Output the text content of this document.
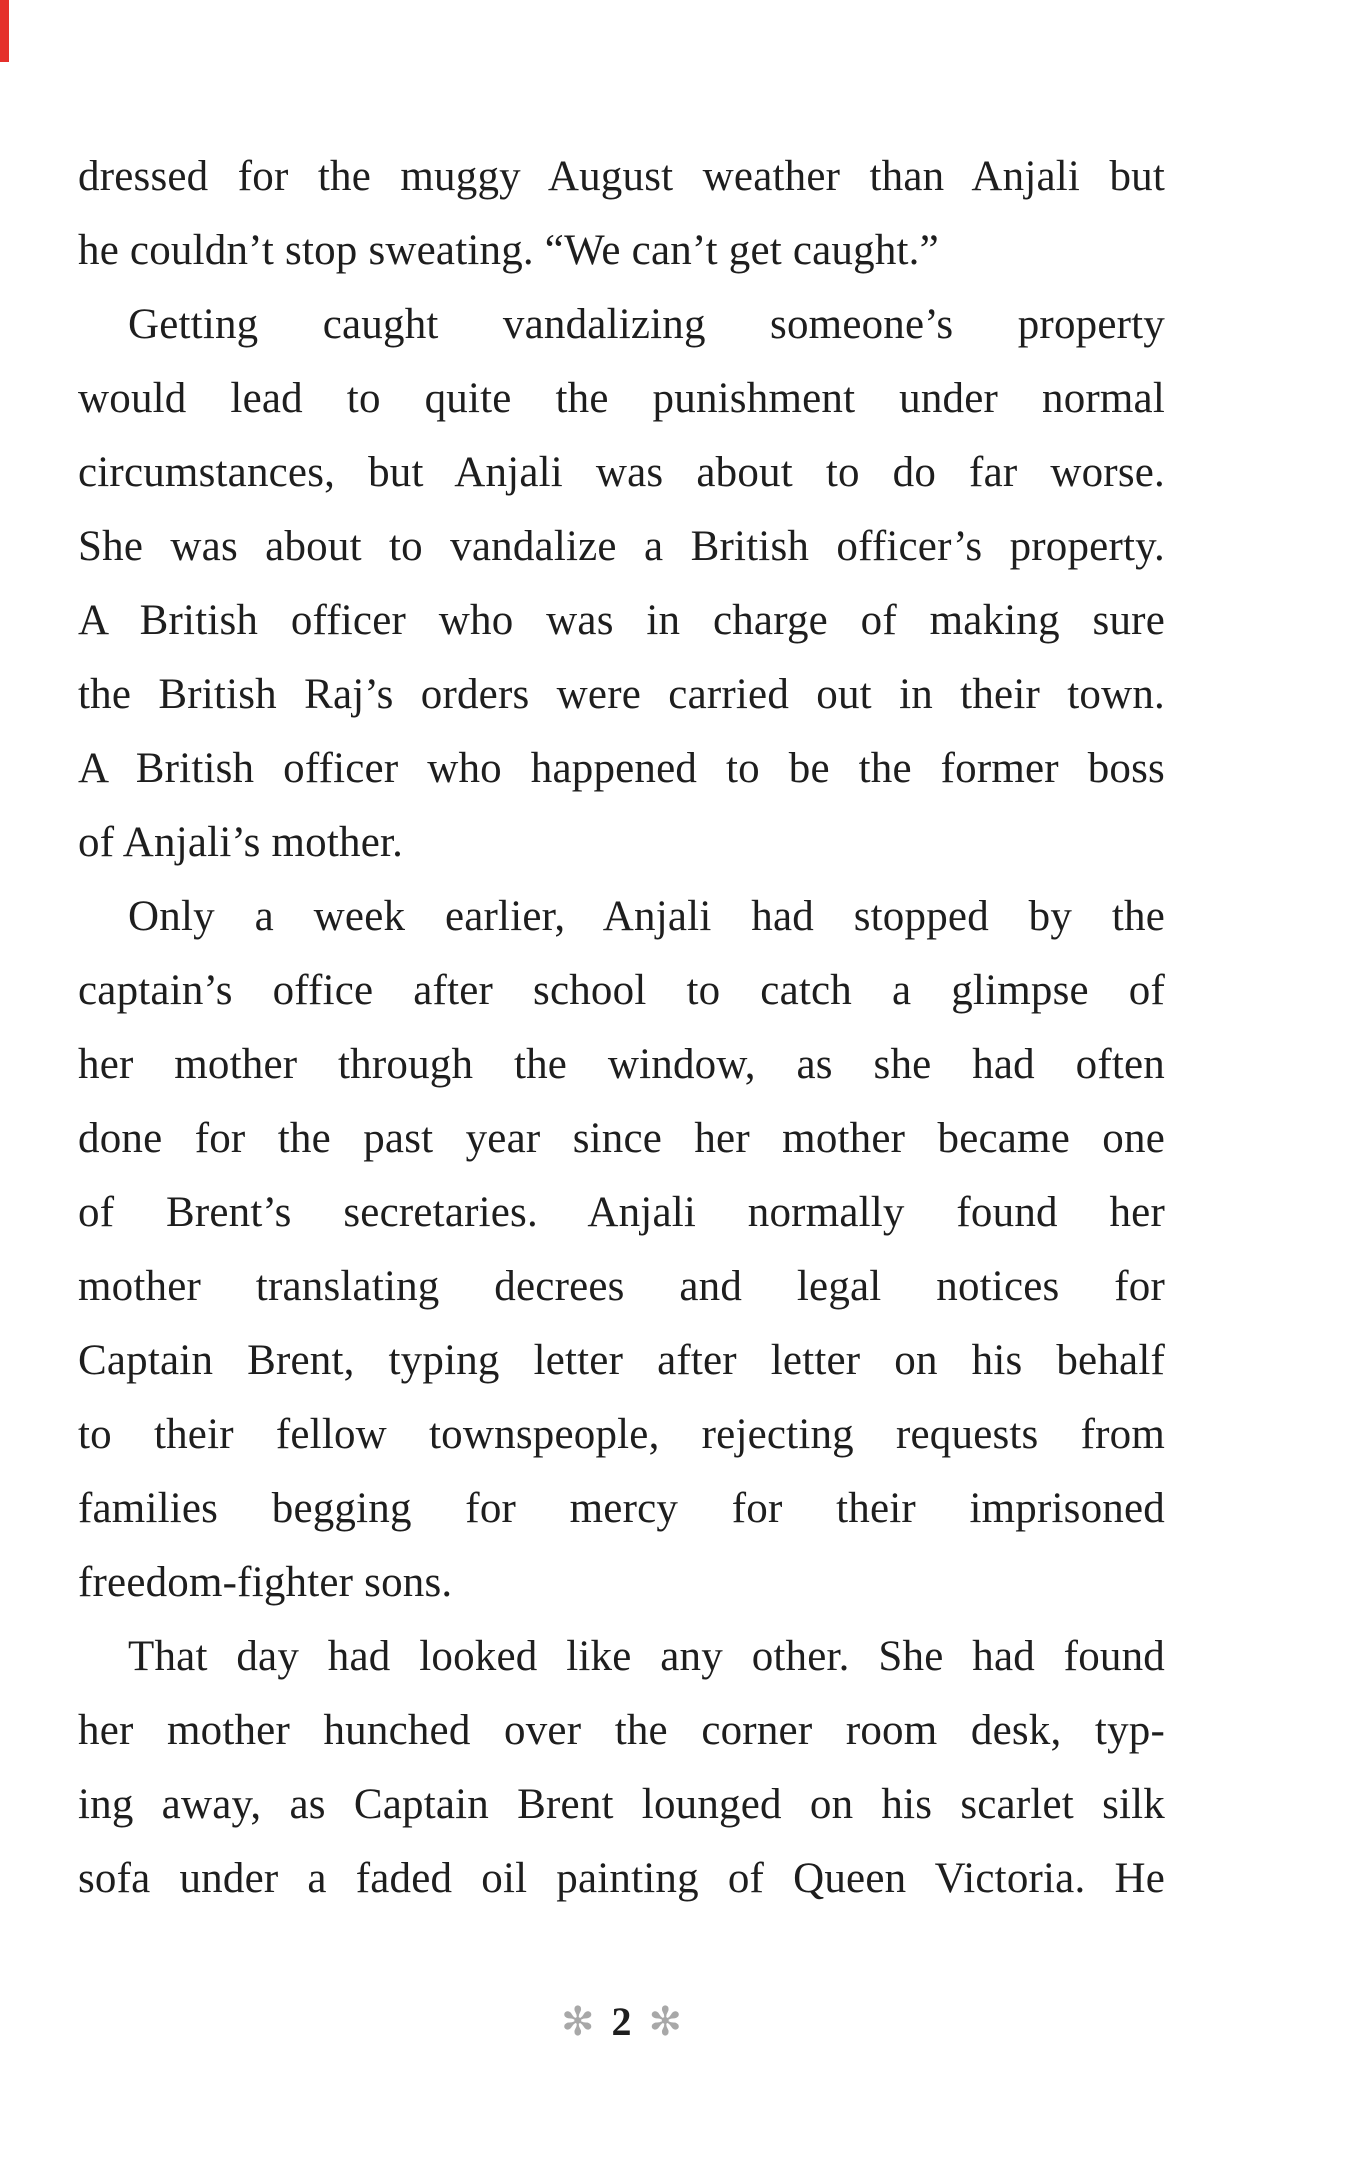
dressed for the muggy August weather than Anjali but
he couldn’t stop sweating. “We can’t get caught.”
Getting caught vandalizing someone’s property
would lead to quite the punishment under normal
circumstances, but Anjali was about to do far worse.
She was about to vandalize a British officer’s property.
A British officer who was in charge of making sure
the British Raj’s orders were carried out in their town.
A British officer who happened to be the former boss
of Anjali’s mother.
Only a week earlier, Anjali had stopped by the
captain’s office after school to catch a glimpse of
her mother through the window, as she had often
done for the past year since her mother became one
of Brent’s secretaries. Anjali normally found her
mother translating decrees and legal notices for
Captain Brent, typing letter after letter on his behalf
to their fellow townspeople, rejecting requests from
families begging for mercy for their imprisoned
freedom-fighter sons.
That day had looked like any other. She had found
her mother hunched over the corner room desk, typ-
ing away, as Captain Brent lounged on his scarlet silk
sofa under a faded oil painting of Queen Victoria. He
✻ 2 ✻
